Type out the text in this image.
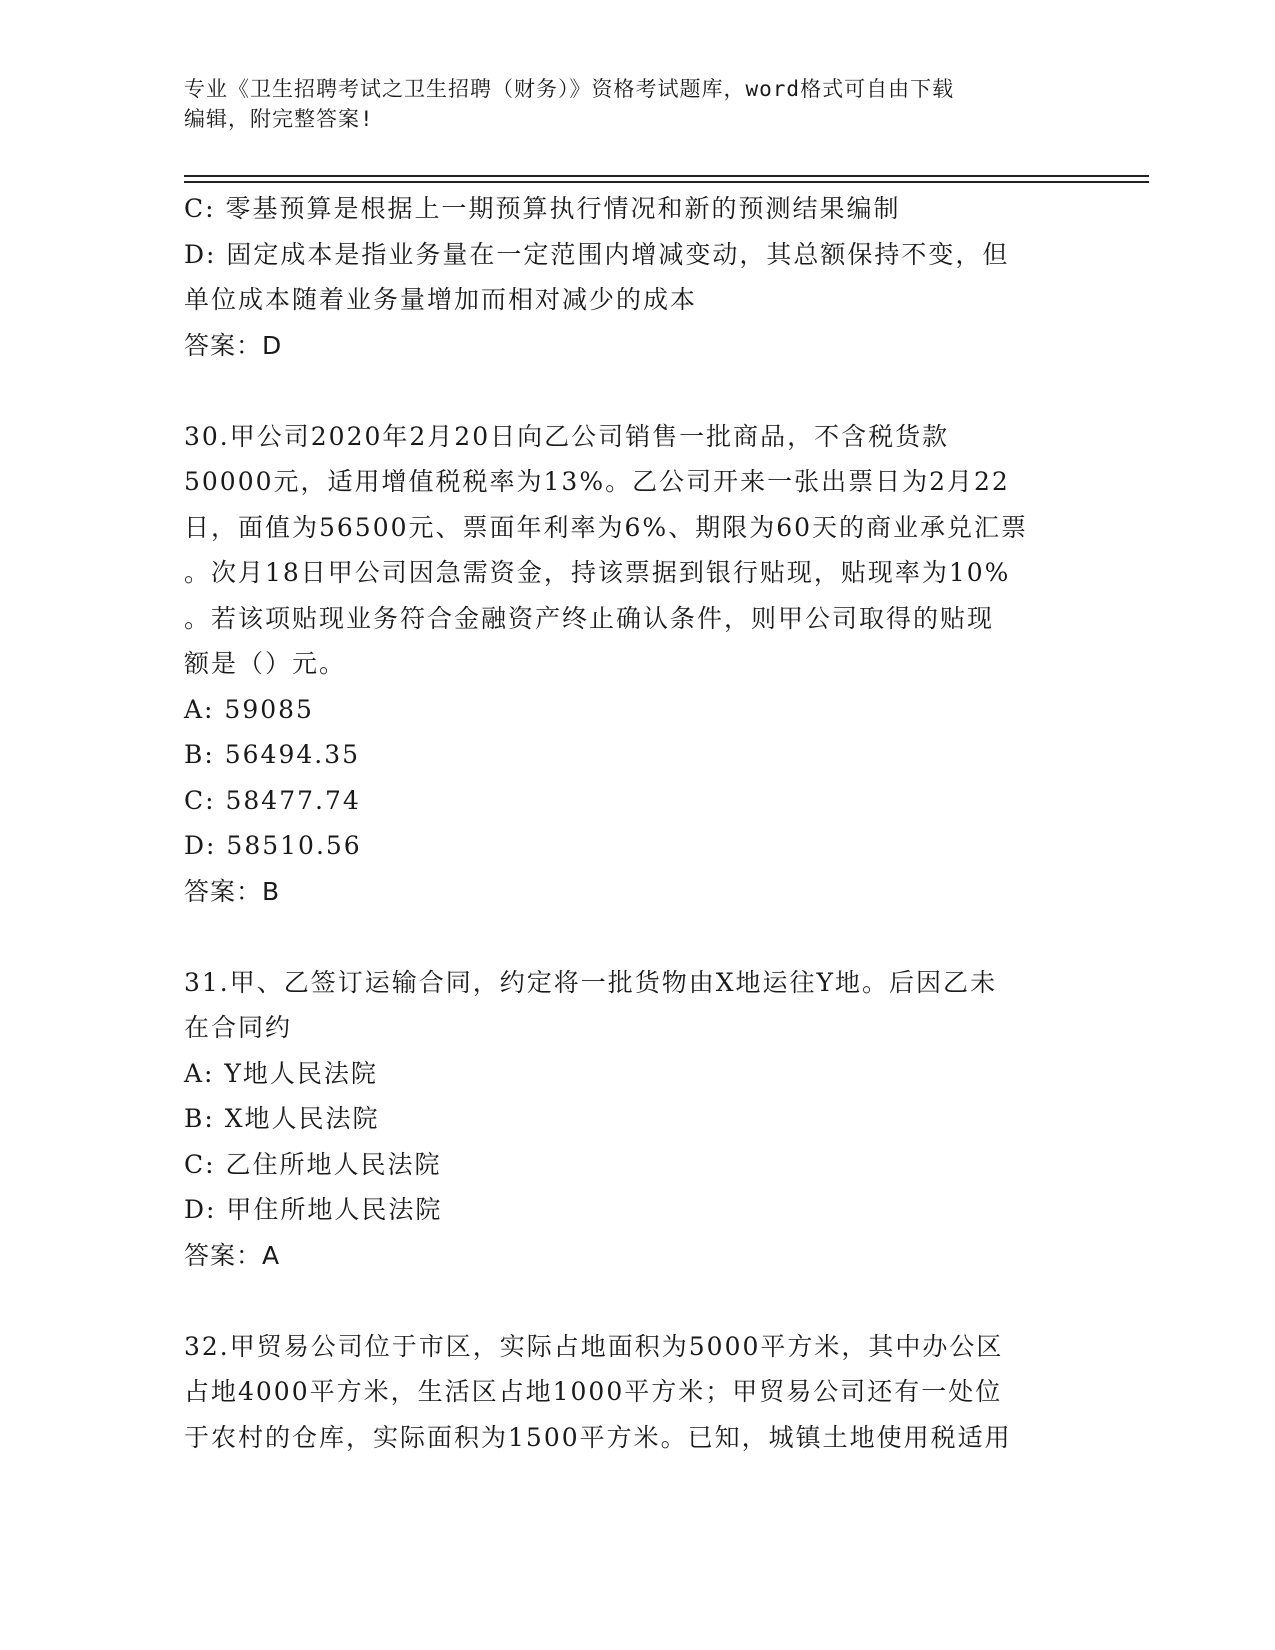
专业《卫生招聘考试之卫生招聘（财务）》资格考试题库，word格式可自由下载
编辑，附完整答案!
C: 零基预算是根据上一期预算执行情况和新的预测结果编制
D: 固定成本是指业务量在一定范围内增减变动，其总额保持不变，但
单位成本随着业务量增加而相对减少的成本
答案：D
30.甲公司2020年2月20日向乙公司销售一批商品，不含税货款
50000元，适用增值税税率为13%。乙公司开来一张出票日为2月22
日，面值为56500元、票面年利率为6%、期限为60天的商业承兑汇票
。次月18日甲公司因急需资金，持该票据到银行贴现，贴现率为10%
。若该项贴现业务符合金融资产终止确认条件，则甲公司取得的贴现
额是（）元。
A: 59085
B: 56494.35
C: 58477.74
D: 58510.56
答案：B
31.甲、乙签订运输合同，约定将一批货物由X地运往Y地。后因乙未
在合同约
A: Y地人民法院
B: X地人民法院
C: 乙住所地人民法院
D: 甲住所地人民法院
答案：A
32.甲贸易公司位于市区，实际占地面积为5000平方米，其中办公区
占地4000平方米，生活区占地1000平方米；甲贸易公司还有一处位
于农村的仓库，实际面积为1500平方米。已知，城镇土地使用税适用
